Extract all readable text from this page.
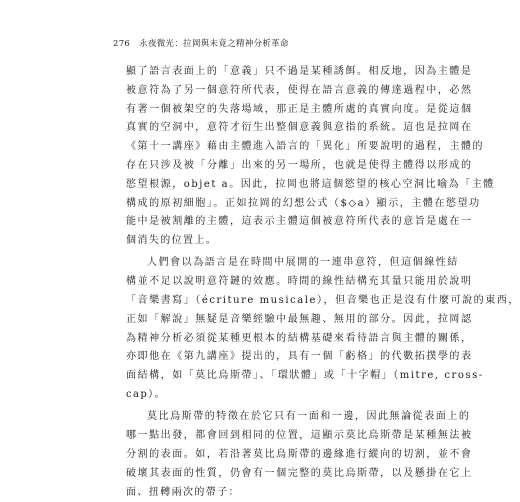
276 永夜微光：拉岡與未竟之精神分析革命
顯了語言表面上的「意義」只不過是某種誘餌。相反地，因為主體是
被意符為了另一個意符所代表，使得在語言意義的傳達過程中，必然
有著一個被架空的失落場域，那正是主體所處的真實向度。是從這個
真實的空洞中，意符才衍生出整個意義與意指的系統。這也是拉岡在
《第十一講座》藉由主體進入語言的「異化」所要說明的過程，主體的
存在只涉及被「分離」出來的另一場所，也就是使得主體得以形成的
慾望根源，objet a。因此，拉岡也將這個慾望的核心空洞比喻為「主體
構成的原初細胞」。正如拉岡的幻想公式（$◇a）顯示，主體在慾望功
能中是被割離的主體，這表示主體這個被意符所代表的意旨是處在一
個消失的位置上。
人們會以為語言是在時間中展開的一連串意符，但這個線性結
構並不足以說明意符鏈的效應。時間的線性結構充其量只能用於說明
「音樂書寫」（écriture musicale），但音樂也正是沒有什麼可說的東西，
正如「解說」無疑是音樂經驗中最無趣、無用的部分。因此，拉岡認
為精神分析必須從某種更根本的結構基礎來看待語言與主體的關係，
亦即他在《第九講座》提出的，具有一個「虧格」的代數拓撲學的表
面結構，如「莫比烏斯帶」、「環狀體」或「十字帽」（mitre, cross-
cap）。
莫比烏斯帶的特徵在於它只有一面和一邊，因此無論從表面上的
哪一點出發，都會回到相同的位置，這顯示莫比烏斯帶是某種無法被
分割的表面。如，若沿著莫比烏斯帶的邊緣進行縱向的切割，並不會
破壞其表面的性質，仍會有一個完整的莫比烏斯帶，以及懸掛在它上
面、扭轉兩次的帶子：
